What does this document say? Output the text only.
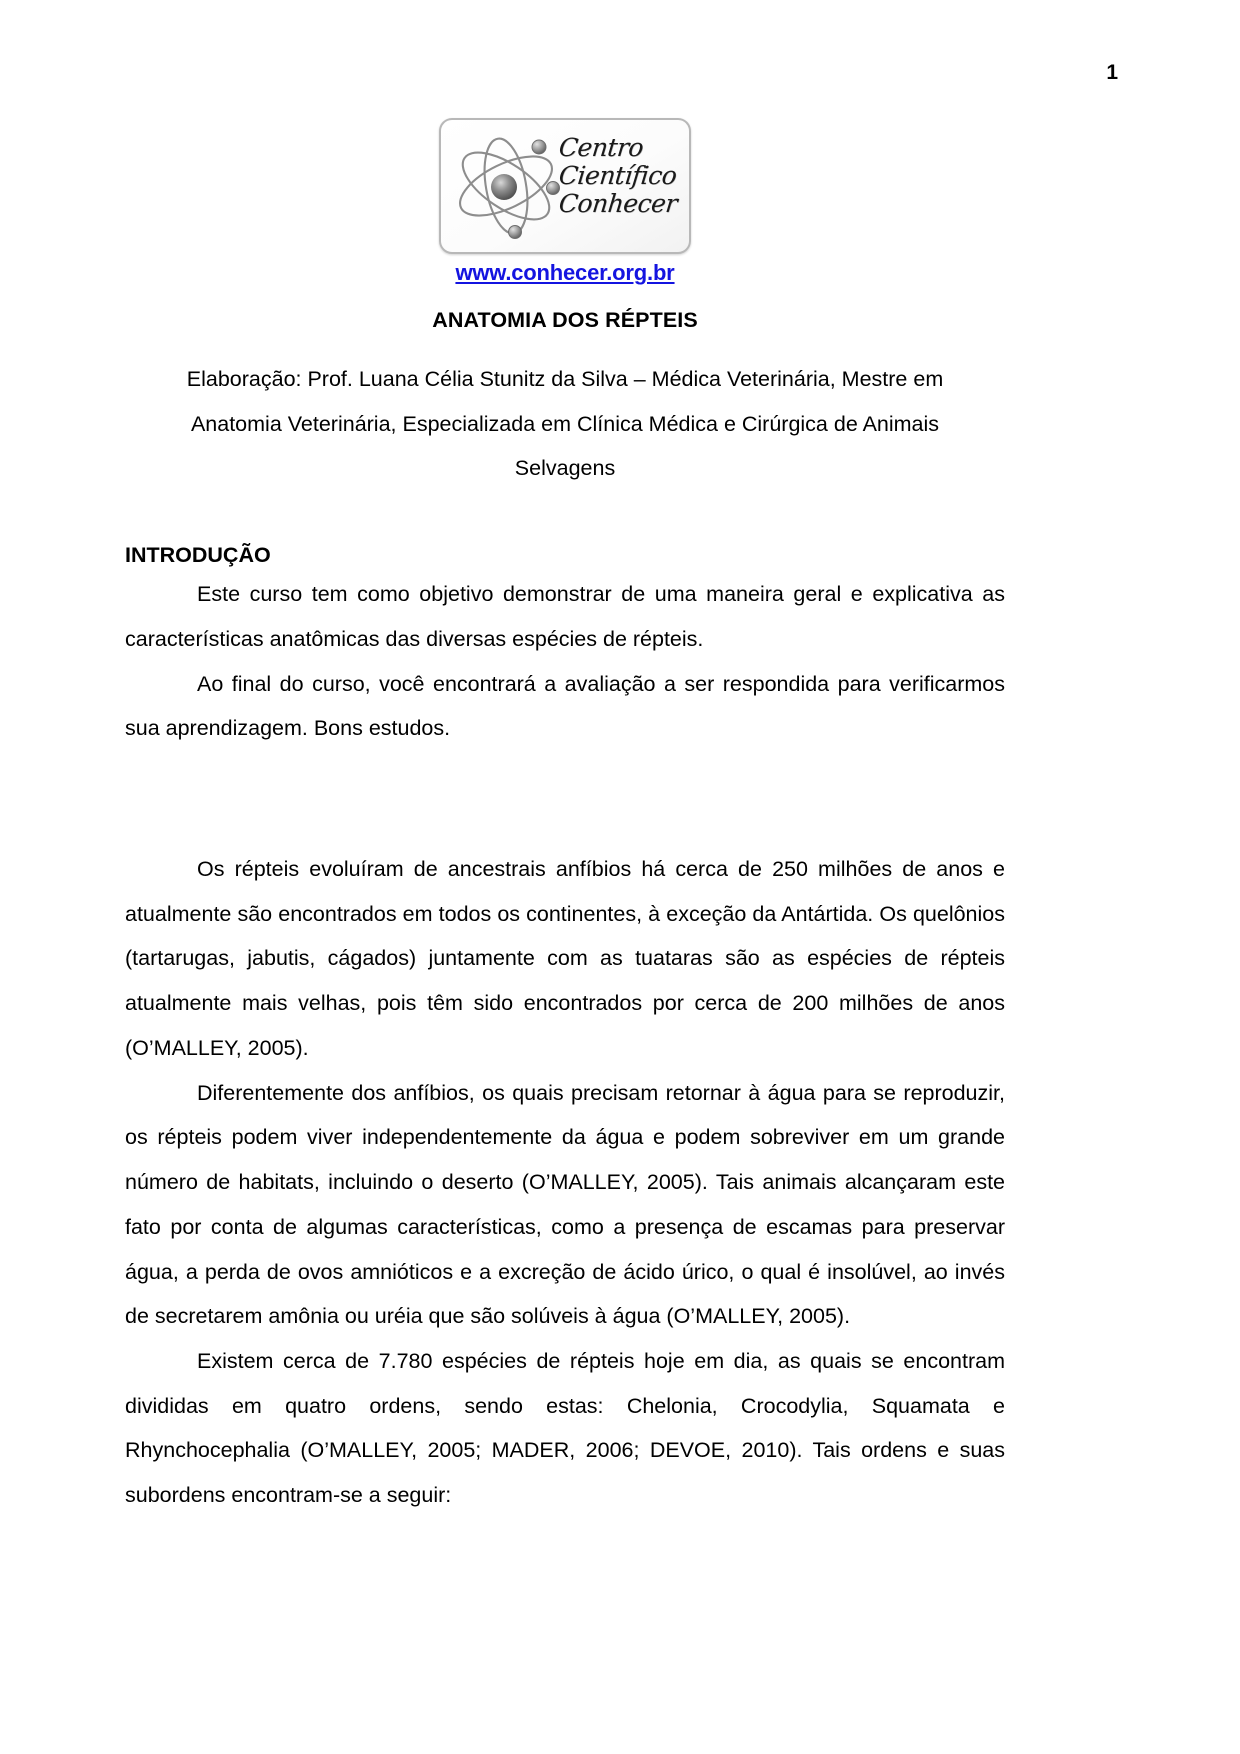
1
Centro
Científico
Conhecer
www.conhecer.org.br
ANATOMIA DOS RÉPTEIS
Elaboração: Prof. Luana Célia Stunitz da Silva – Médica Veterinária, Mestre em
Anatomia Veterinária, Especializada em Clínica Médica e Cirúrgica de Animais
Selvagens
INTRODUÇÃO

Este curso tem como objetivo demonstrar de uma maneira geral e explicativa as características anatômicas das diversas espécies de répteis.

Ao final do curso, você encontrará a avaliação a ser respondida para verificarmos sua aprendizagem. Bons estudos.

Os répteis evoluíram de ancestrais anfíbios há cerca de 250 milhões de anos e atualmente são encontrados em todos os continentes, à exceção da Antártida. Os quelônios (tartarugas, jabutis, cágados) juntamente com as tuataras são as espécies de répteis atualmente mais velhas, pois têm sido encontrados por cerca de 200 milhões de anos (O’MALLEY, 2005).

Diferentemente dos anfíbios, os quais precisam retornar à água para se reproduzir, os répteis podem viver independentemente da água e podem sobreviver em um grande número de habitats, incluindo o deserto (O’MALLEY, 2005). Tais animais alcançaram este fato por conta de algumas características, como a presença de escamas para preservar água, a perda de ovos amnióticos e a excreção de ácido úrico, o qual é insolúvel, ao invés de secretarem amônia ou uréia que são solúveis à água (O’MALLEY, 2005).

Existem cerca de 7.780 espécies de répteis hoje em dia, as quais se encontram divididas em quatro ordens, sendo estas: Chelonia, Crocodylia, Squamata e Rhynchocephalia (O’MALLEY, 2005; MADER, 2006; DEVOE, 2010). Tais ordens e suas subordens encontram-se a seguir:
